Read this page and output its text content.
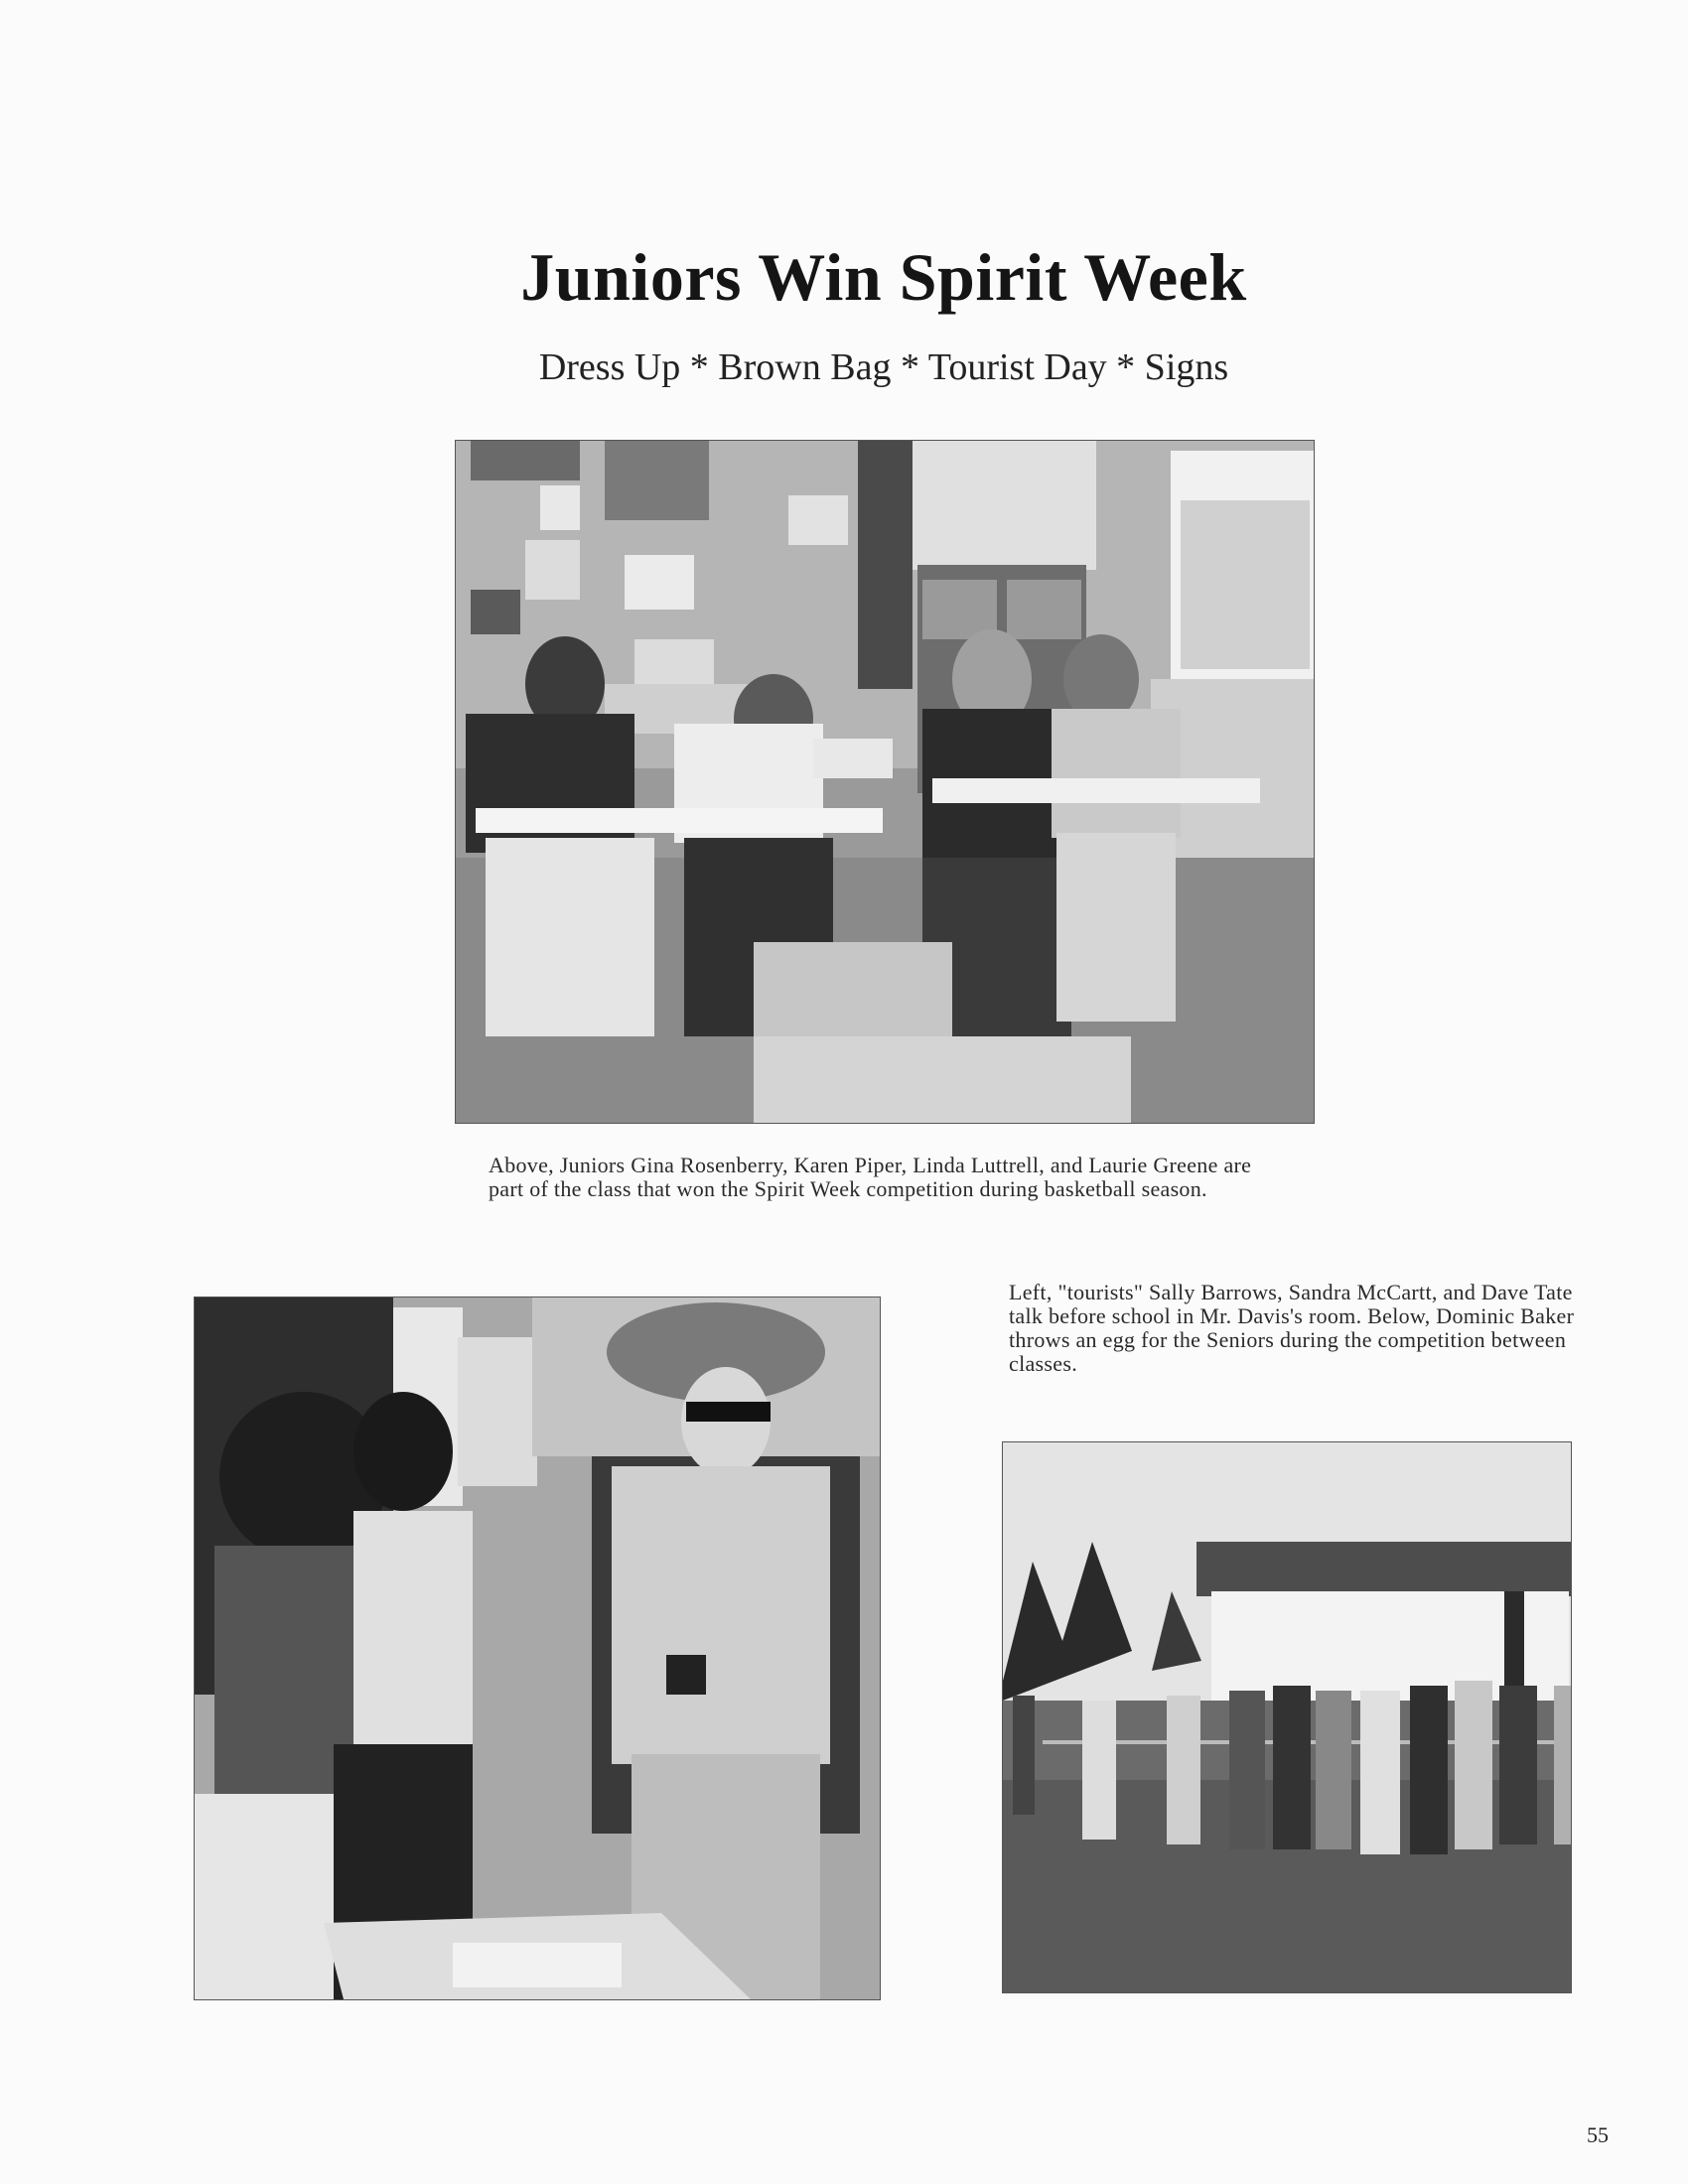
Juniors Win Spirit Week
Dress Up * Brown Bag * Tourist Day * Signs
Above, Juniors Gina Rosenberry, Karen Piper, Linda Luttrell, and Laurie Greene are part of the class that won the Spirit Week competition during basketball season.
Left, "tourists" Sally Barrows, Sandra McCartt, and Dave Tate talk before school in Mr. Davis's room. Below, Dominic Baker throws an egg for the Seniors during the competition between classes.
55
